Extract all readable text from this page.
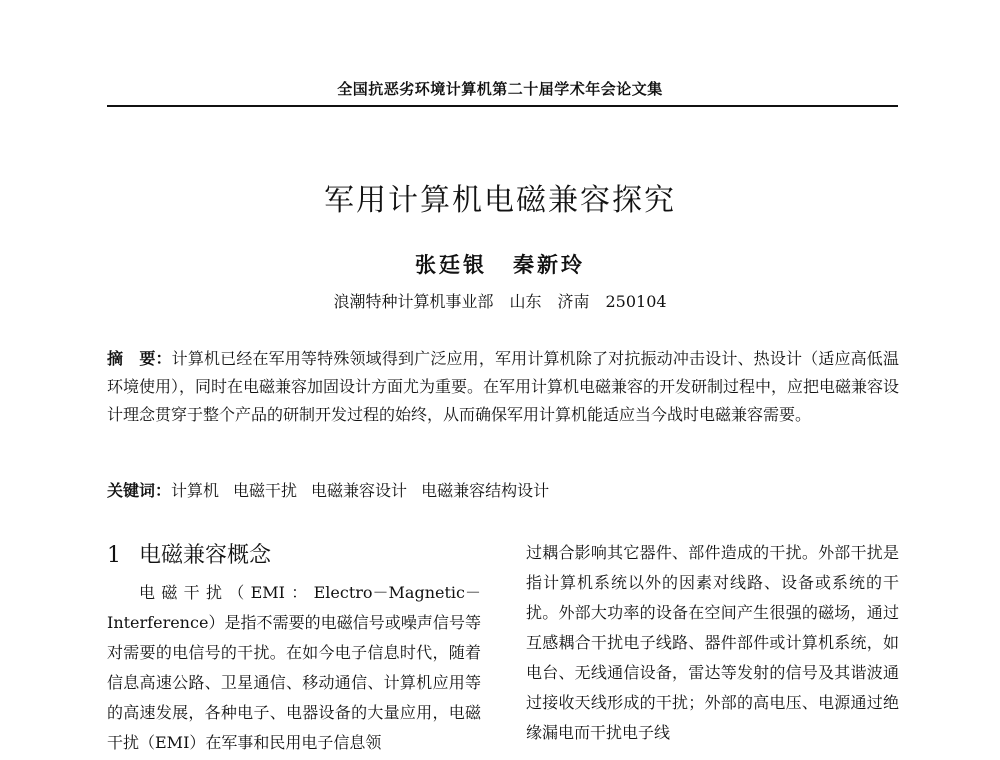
全国抗恶劣环境计算机第二十届学术年会论文集
军用计算机电磁兼容探究
张廷银 秦新玲
浪潮特种计算机事业部 山东 济南 250104
摘　要：计算机已经在军用等特殊领域得到广泛应用，军用计算机除了对抗振动冲击设计、热设计（适应高低温环境使用），同时在电磁兼容加固设计方面尤为重要。在军用计算机电磁兼容的开发研制过程中，应把电磁兼容设计理念贯穿于整个产品的研制开发过程的始终，从而确保军用计算机能适应当今战时电磁兼容需要。
关键词：计算机 电磁干扰 电磁兼容设计 电磁兼容结构设计
1 电磁兼容概念

电磁干扰（EMI：Electro－Magnetic－Interference）是指不需要的电磁信号或噪声信号等对需要的电信号的干扰。在如今电子信息时代，随着信息高速公路、卫星通信、移动通信、计算机应用等的高速发展，各种电子、电器设备的大量应用，电磁干扰（EMI）在军事和民用电子信息领

过耦合影响其它器件、部件造成的干扰。外部干扰是指计算机系统以外的因素对线路、设备或系统的干扰。外部大功率的设备在空间产生很强的磁场，通过互感耦合干扰电子线路、器件部件或计算机系统，如电台、无线通信设备，雷达等发射的信号及其谐波通过接收天线形成的干扰；外部的高电压、电源通过绝缘漏电而干扰电子线
